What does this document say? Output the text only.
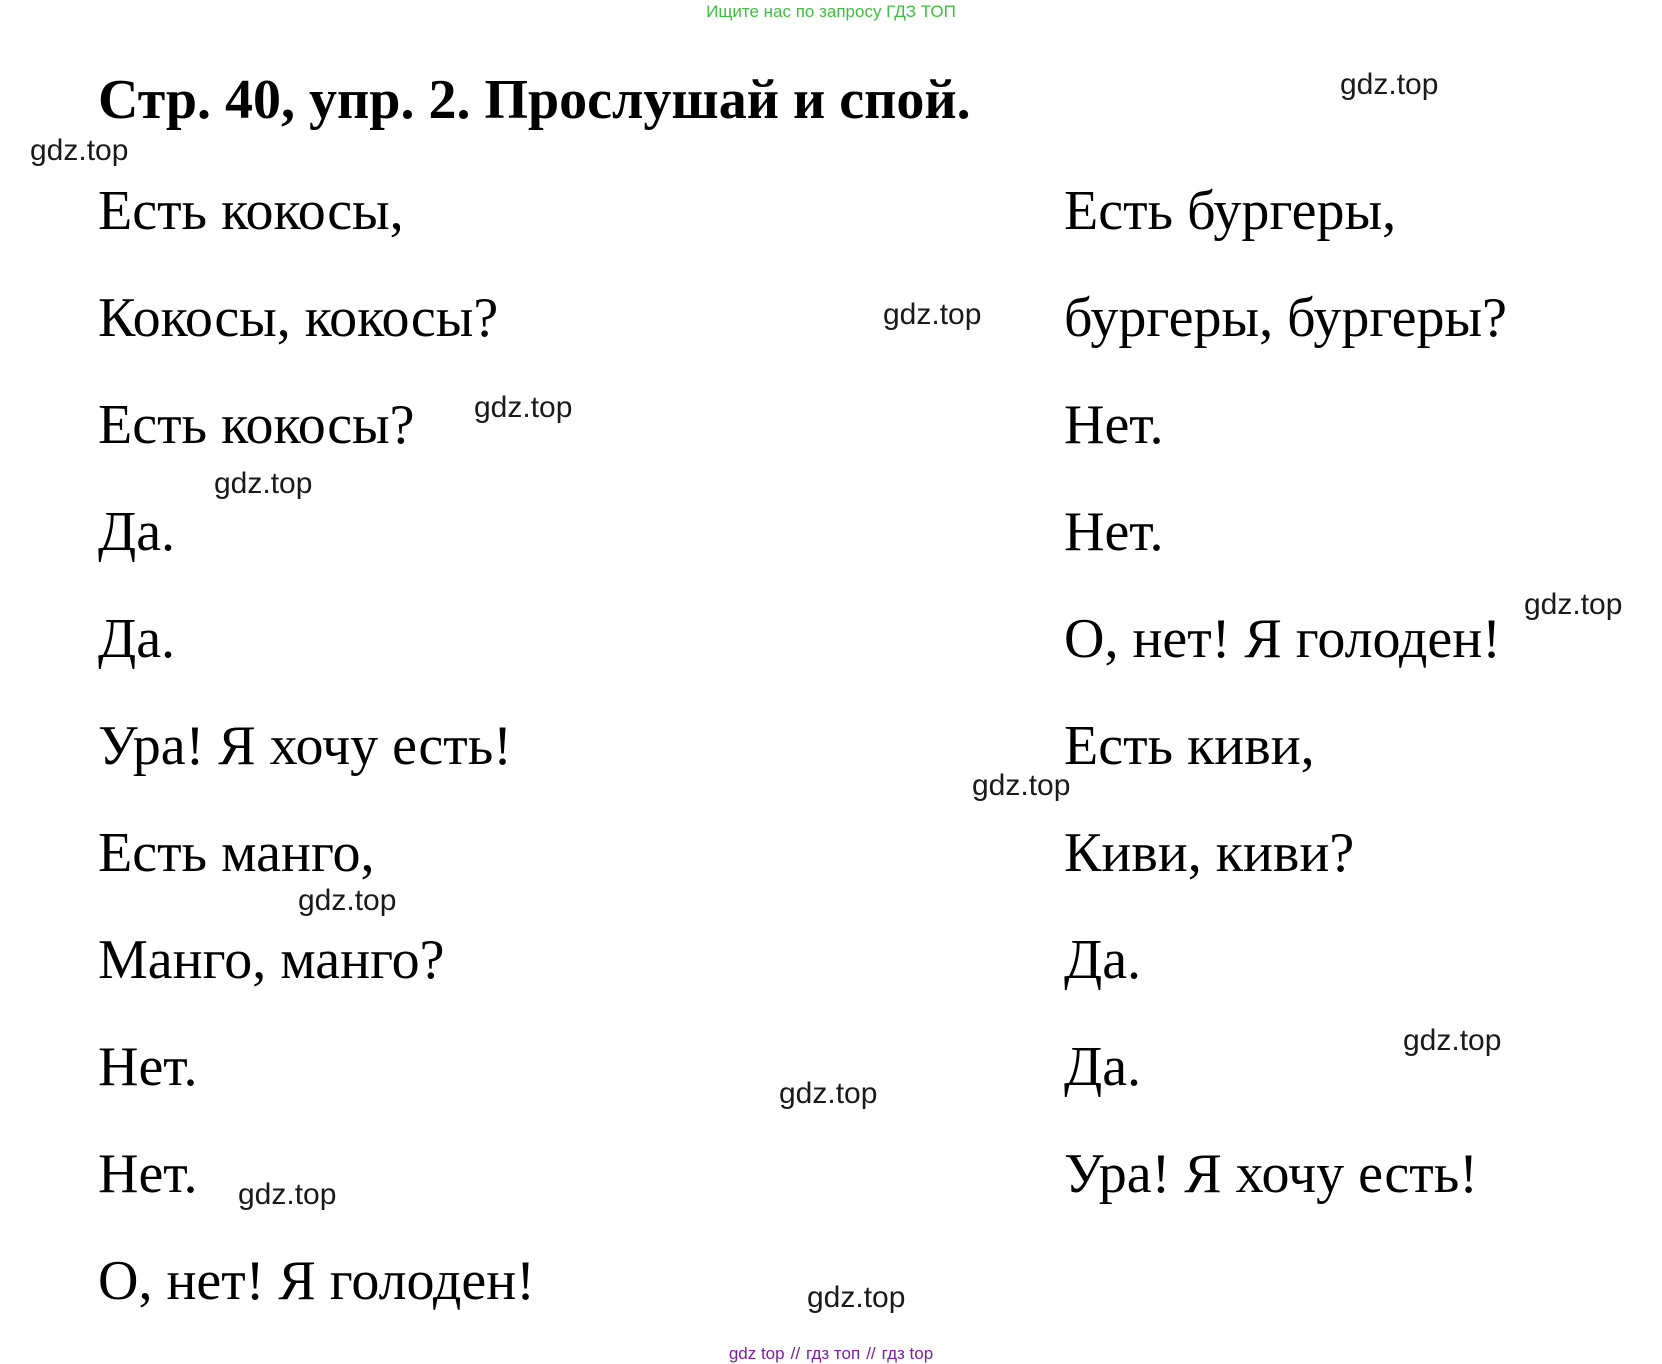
Ищите нас по запросу ГДЗ ТОП
Стр. 40, упр. 2. Прослушай и спой.
Есть кокосы,
Кокосы, кокосы?
Есть кокосы?
Да.
Да.
Ура! Я хочу есть!
Есть манго,
Манго, манго?
Нет.
Нет.
О, нет! Я голоден!
Есть бургеры,
бургеры, бургеры?
Нет.
Нет.
О, нет! Я голоден!
Есть киви,
Киви, киви?
Да.
Да.
Ура! Я хочу есть!
gdz.top
gdz.top
gdz.top
gdz.top
gdz.top
gdz.top
gdz.top
gdz.top
gdz.top
gdz.top
gdz.top
gdz.top
gdz top // гдз топ // гдз top
